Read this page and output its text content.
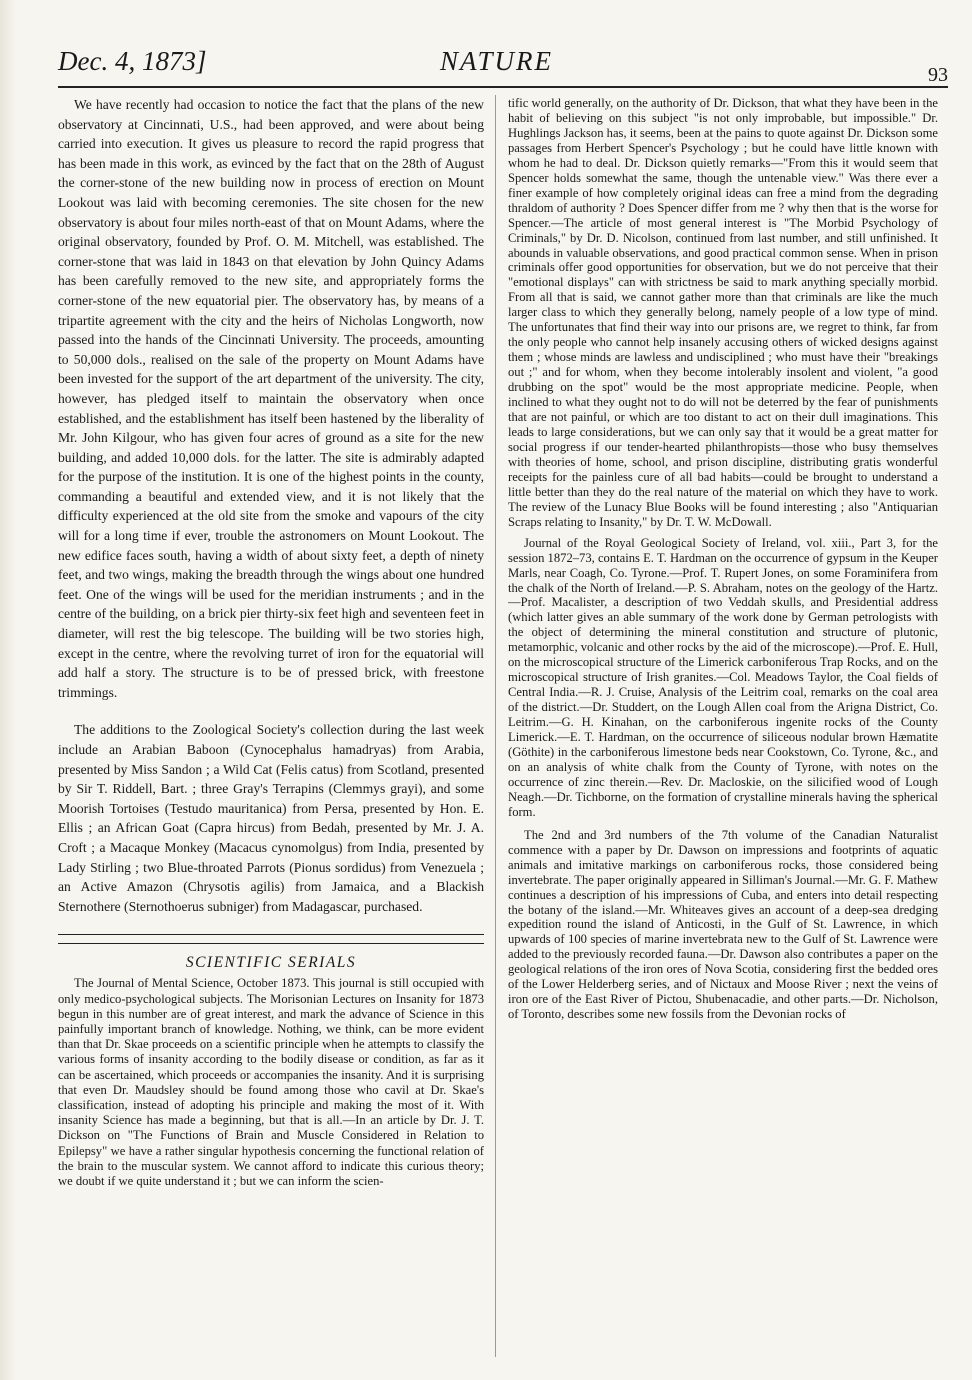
Dec. 4, 1873]	NATURE	93

We have recently had occasion to notice the fact that the plans of the new observatory at Cincinnati, U.S., had been approved, and were about being carried into execution. It gives us pleasure to record the rapid progress that has been made in this work, as evinced by the fact that on the 28th of August the corner-stone of the new building now in process of erection on Mount Lookout was laid with becoming ceremonies. The site chosen for the new observatory is about four miles north-east of that on Mount Adams, where the original observatory, founded by Prof. O. M. Mitchell, was established. The corner-stone that was laid in 1843 on that elevation by John Quincy Adams has been carefully removed to the new site, and appropriately forms the corner-stone of the new equatorial pier. The observatory has, by means of a tripartite agreement with the city and the heirs of Nicholas Longworth, now passed into the hands of the Cincinnati University. The proceeds, amounting to 50,000 dols., realised on the sale of the property on Mount Adams have been invested for the support of the art department of the university. The city, however, has pledged itself to maintain the observatory when once established, and the establishment has itself been hastened by the liberality of Mr. John Kilgour, who has given four acres of ground as a site for the new building, and added 10,000 dols. for the latter. The site is admirably adapted for the purpose of the institution. It is one of the highest points in the county, commanding a beautiful and extended view, and it is not likely that the difficulty experienced at the old site from the smoke and vapours of the city will for a long time if ever, trouble the astronomers on Mount Lookout. The new edifice faces south, having a width of about sixty feet, a depth of ninety feet, and two wings, making the breadth through the wings about one hundred feet. One of the wings will be used for the meridian instruments ; and in the centre of the building, on a brick pier thirty-six feet high and seventeen feet in diameter, will rest the big telescope. The building will be two stories high, except in the centre, where the revolving turret of iron for the equatorial will add half a story. The structure is to be of pressed brick, with freestone trimmings.

The additions to the Zoological Society's collection during the last week include an Arabian Baboon (Cynocephalus hamadryas) from Arabia, presented by Miss Sandon ; a Wild Cat (Felis catus) from Scotland, presented by Sir T. Riddell, Bart. ; three Gray's Terrapins (Clemmys grayi), and some Moorish Tortoises (Testudo mauritanica) from Persa, presented by Hon. E. Ellis ; an African Goat (Capra hircus) from Bedah, presented by Mr. J. A. Croft ; a Macaque Monkey (Macacus cynomolgus) from India, presented by Lady Stirling ; two Blue-throated Parrots (Pionus sordidus) from Venezuela ; an Active Amazon (Chrysotis agilis) from Jamaica, and a Blackish Sternothere (Sternothoerus subniger) from Madagascar, purchased.

SCIENTIFIC SERIALS

The Journal of Mental Science, October 1873. This journal is still occupied with only medico-psychological subjects. The Morisonian Lectures on Insanity for 1873 begun in this number are of great interest, and mark the advance of Science in this painfully important branch of knowledge. Nothing, we think, can be more evident than that Dr. Skae proceeds on a scientific principle when he attempts to classify the various forms of insanity according to the bodily disease or condition, as far as it can be ascertained, which proceeds or accompanies the insanity. And it is surprising that even Dr. Maudsley should be found among those who cavil at Dr. Skae's classification, instead of adopting his principle and making the most of it. With insanity Science has made a beginning, but that is all.—In an article by Dr. J. T. Dickson on "The Functions of Brain and Muscle Considered in Relation to Epilepsy" we have a rather singular hypothesis concerning the functional relation of the brain to the muscular system. We cannot afford to indicate this curious theory; we doubt if we quite understand it ; but we can inform the scien-

tific world generally, on the authority of Dr. Dickson, that what they have been in the habit of believing on this subject "is not only improbable, but impossible." Dr. Hughlings Jackson has, it seems, been at the pains to quote against Dr. Dickson some passages from Herbert Spencer's Psychology ; but he could have little known with whom he had to deal. Dr. Dickson quietly remarks—"From this it would seem that Spencer holds somewhat the same, though the untenable view." Was there ever a finer example of how completely original ideas can free a mind from the degrading thraldom of authority ? Does Spencer differ from me ? why then that is the worse for Spencer.—The article of most general interest is "The Morbid Psychology of Criminals," by Dr. D. Nicolson, continued from last number, and still unfinished. It abounds in valuable observations, and good practical common sense. When in prison criminals offer good opportunities for observation, but we do not perceive that their "emotional displays" can with strictness be said to mark anything specially morbid. From all that is said, we cannot gather more than that criminals are like the much larger class to which they generally belong, namely people of a low type of mind. The unfortunates that find their way into our prisons are, we regret to think, far from the only people who cannot help insanely accusing others of wicked designs against them ; whose minds are lawless and undisciplined ; who must have their "breakings out ;" and for whom, when they become intolerably insolent and violent, "a good drubbing on the spot" would be the most appropriate medicine. People, when inclined to what they ought not to do will not be deterred by the fear of punishments that are not painful, or which are too distant to act on their dull imaginations. This leads to large considerations, but we can only say that it would be a great matter for social progress if our tender-hearted philanthropists—those who busy themselves with theories of home, school, and prison discipline, distributing gratis wonderful receipts for the painless cure of all bad habits—could be brought to understand a little better than they do the real nature of the material on which they have to work. The review of the Lunacy Blue Books will be found interesting ; also "Antiquarian Scraps relating to Insanity," by Dr. T. W. McDowall.

Journal of the Royal Geological Society of Ireland, vol. xiii., Part 3, for the session 1872–73, contains E. T. Hardman on the occurrence of gypsum in the Keuper Marls, near Coagh, Co. Tyrone.—Prof. T. Rupert Jones, on some Foraminifera from the chalk of the North of Ireland.—P. S. Abraham, notes on the geology of the Hartz.—Prof. Macalister, a description of two Veddah skulls, and Presidential address (which latter gives an able summary of the work done by German petrologists with the object of determining the mineral constitution and structure of plutonic, metamorphic, volcanic and other rocks by the aid of the microscope).—Prof. E. Hull, on the microscopical structure of the Limerick carboniferous Trap Rocks, and on the microscopical structure of Irish granites.—Col. Meadows Taylor, the Coal fields of Central India.—R. J. Cruise, Analysis of the Leitrim coal, remarks on the coal area of the district.—Dr. Studdert, on the Lough Allen coal from the Arigna District, Co. Leitrim.—G. H. Kinahan, on the carboniferous ingenite rocks of the County Limerick.—E. T. Hardman, on the occurrence of siliceous nodular brown Hæmatite (Göthite) in the carboniferous limestone beds near Cookstown, Co. Tyrone, &c., and on an analysis of white chalk from the County of Tyrone, with notes on the occurrence of zinc therein.—Rev. Dr. Macloskie, on the silicified wood of Lough Neagh.—Dr. Tichborne, on the formation of crystalline minerals having the spherical form.

The 2nd and 3rd numbers of the 7th volume of the Canadian Naturalist commence with a paper by Dr. Dawson on impressions and footprints of aquatic animals and imitative markings on carboniferous rocks, those considered being invertebrate. The paper originally appeared in Silliman's Journal.—Mr. G. F. Mathew continues a description of his impressions of Cuba, and enters into detail respecting the botany of the island.—Mr. Whiteaves gives an account of a deep-sea dredging expedition round the island of Anticosti, in the Gulf of St. Lawrence, in which upwards of 100 species of marine invertebrata new to the Gulf of St. Lawrence were added to the previously recorded fauna.—Dr. Dawson also contributes a paper on the geological relations of the iron ores of Nova Scotia, considering first the bedded ores of the Lower Helderberg series, and of Nictaux and Moose River ; next the veins of iron ore of the East River of Pictou, Shubenacadie, and other parts.—Dr. Nicholson, of Toronto, describes some new fossils from the Devonian rocks of
